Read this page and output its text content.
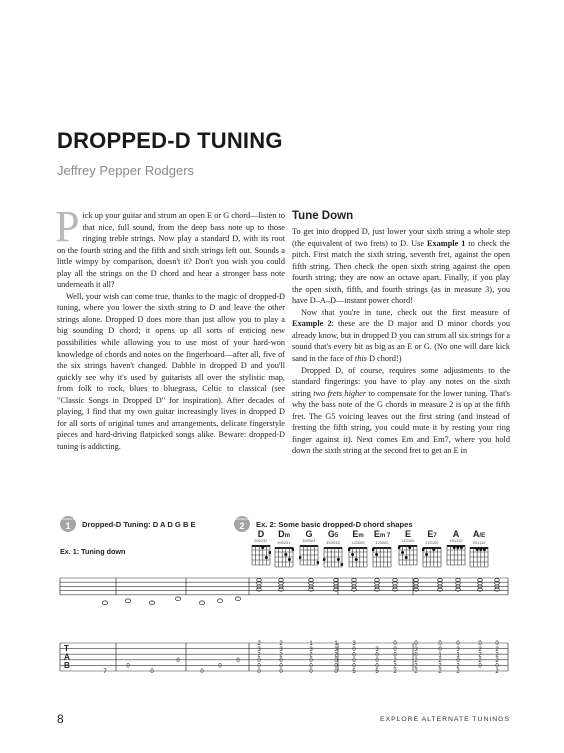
DROPPED-D TUNING
Jeffrey Pepper Rodgers

Pick up your guitar and strum an open E or G chord—listen to that nice, full sound, from the deep bass note up to those ringing treble strings. Now play a standard D, with its root on the fourth string and the fifth and sixth strings left out. Sounds a little wimpy by comparison, doesn't it? Don't you wish you could play all the strings on the D chord and hear a stronger bass note underneath it all?

Well, your wish can come true, thanks to the magic of dropped-D tuning, where you lower the sixth string to D and leave the other strings alone. Dropped D does more than just allow you to play a big sounding D chord; it opens up all sorts of enticing new possibilities while allowing you to use most of your hard-won knowledge of chords and notes on the fingerboard—after all, five of the six strings haven't changed. Dabble in dropped D and you'll quickly see why it's used by guitarists all over the stylistic map, from folk to rock, blues to bluegrass, Celtic to classical (see "Classic Songs in Dropped D" for inspiration). After decades of playing, I find that my own guitar increasingly lives in dropped D for all sorts of original tunes and arrangements, delicate fingerstyle pieces and hard-driving flatpicked songs alike. Beware: dropped-D tuning is addicting.

Tune Down

To get into dropped D, just lower your sixth string a whole step (the equivalent of two frets) to D. Use Example 1 to check the pitch. First match the sixth string, seventh fret, against the open fifth string. Then check the open sixth string against the open fourth string; they are now an octave apart. Finally, if you play the open sixth, fifth, and fourth strings (as in measure 3), you have D–A–D—instant power chord!

Now that you're in tune, check out the first measure of Example 2: these are the D major and D minor chords you already know, but in dropped D you can strum all six strings for a sound that's every bit as big as an E or G. (No one will dare kick sand in the face of this D chord!)

Dropped D, of course, requires some adjustments to the standard fingerings: you have to play any notes on the sixth string two frets higher to compensate for the lower tuning. That's why the bass note of the G chords in measure 2 is up at the fifth fret. The G5 voicing leaves out the first string (and instead of fretting the fifth string, you could mute it by resting your ring finger against it). Next comes Em and Em7, where you hold down the sixth string at the second fret to get an E in

EXAMPLE
1	Dropped-D Tuning: D A D G B E
Ex. 1: Tuning down
EXAMPLE
2	Ex. 2: Some basic dropped-D chord shapes
D
000132
Dm
000231
G
300004
G5
3X0034
Em
123000
Em 7
120000
E
123100
E7
120100
A
X01110
A/E
X01110
T
A
B
7
0
0
0
0
0
0
2
3
2
0
0
0
2
3
2
0
0
0
1
3
2
0
0
0
1
3
2
0
0
0
3
0
0
0
0
5
3
0
0
0
5
0
0
0
2
2
2
0
3
0
2
2
2
0
0
1
2
2
2
0
3
1
0
2
2
0
2
2
2
0
0
2
2
2
0
2
8	EXPLORE ALTERNATE TUNINGS
